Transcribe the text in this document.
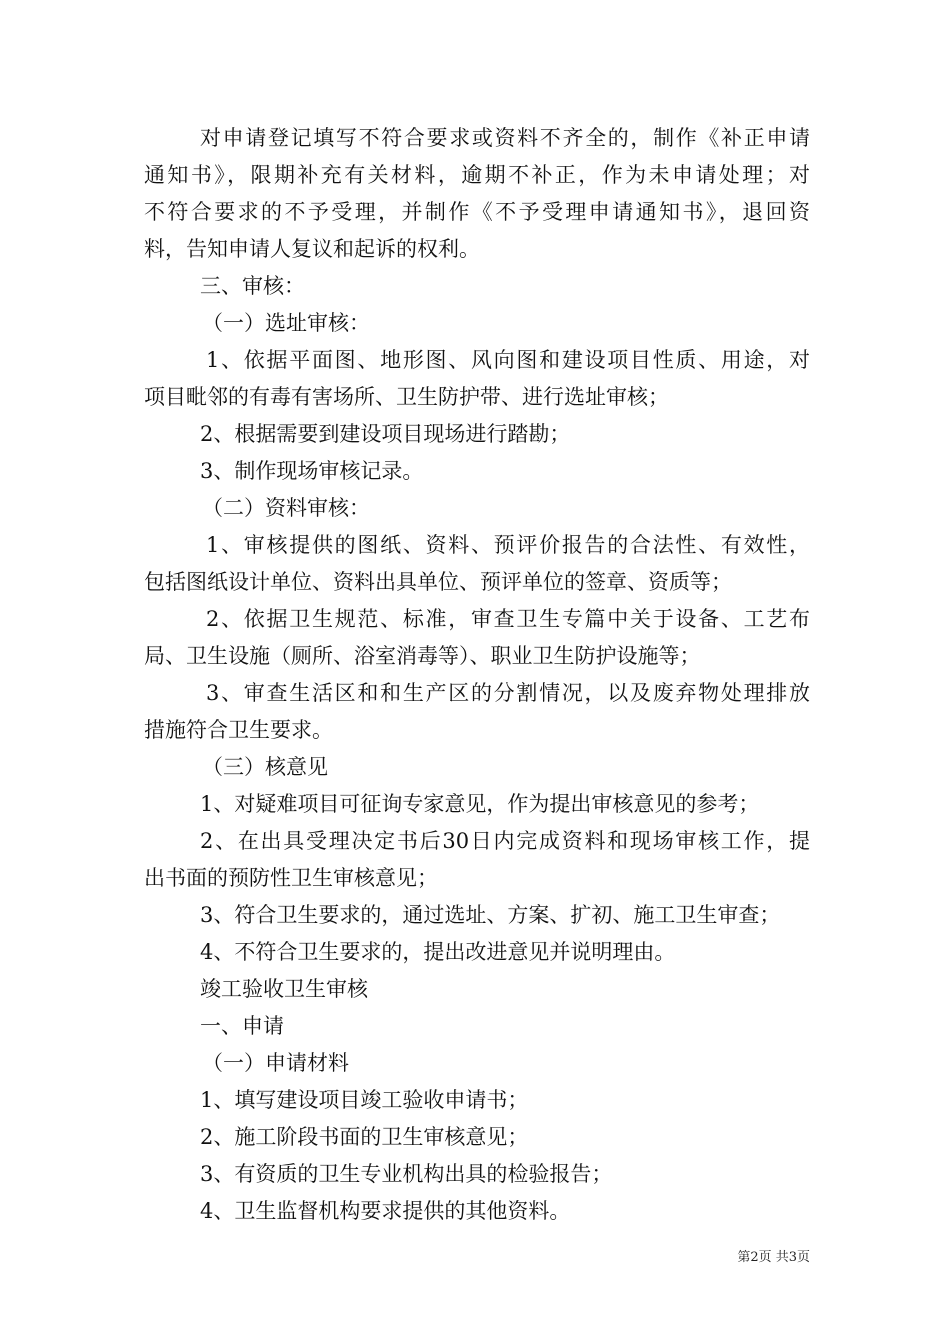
对申请登记填写不符合要求或资料不齐全的，制作《补正申请
通知书》，限期补充有关材料，逾期不补正，作为未申请处理；对
不符合要求的不予受理，并制作《不予受理申请通知书》，退回资
料，告知申请人复议和起诉的权利。
三、审核：
（一）选址审核：
1、依据平面图、地形图、风向图和建设项目性质、用途，对
项目毗邻的有毒有害场所、卫生防护带、进行选址审核；
2、根据需要到建设项目现场进行踏勘；
3、制作现场审核记录。
（二）资料审核：
1、审核提供的图纸、资料、预评价报告的合法性、有效性，
包括图纸设计单位、资料出具单位、预评单位的签章、资质等；
2、依据卫生规范、标准，审查卫生专篇中关于设备、工艺布
局、卫生设施（厕所、浴室消毒等）、职业卫生防护设施等；
3、审查生活区和和生产区的分割情况，以及废弃物处理排放
措施符合卫生要求。
（三）核意见
1、对疑难项目可征询专家意见，作为提出审核意见的参考；
2、在出具受理决定书后30日内完成资料和现场审核工作，提
出书面的预防性卫生审核意见；
3、符合卫生要求的，通过选址、方案、扩初、施工卫生审查；
4、不符合卫生要求的，提出改进意见并说明理由。
竣工验收卫生审核
一、申请
（一）申请材料
1、填写建设项目竣工验收申请书；
2、施工阶段书面的卫生审核意见；
3、有资质的卫生专业机构出具的检验报告；
4、卫生监督机构要求提供的其他资料。
第2页 共3页
